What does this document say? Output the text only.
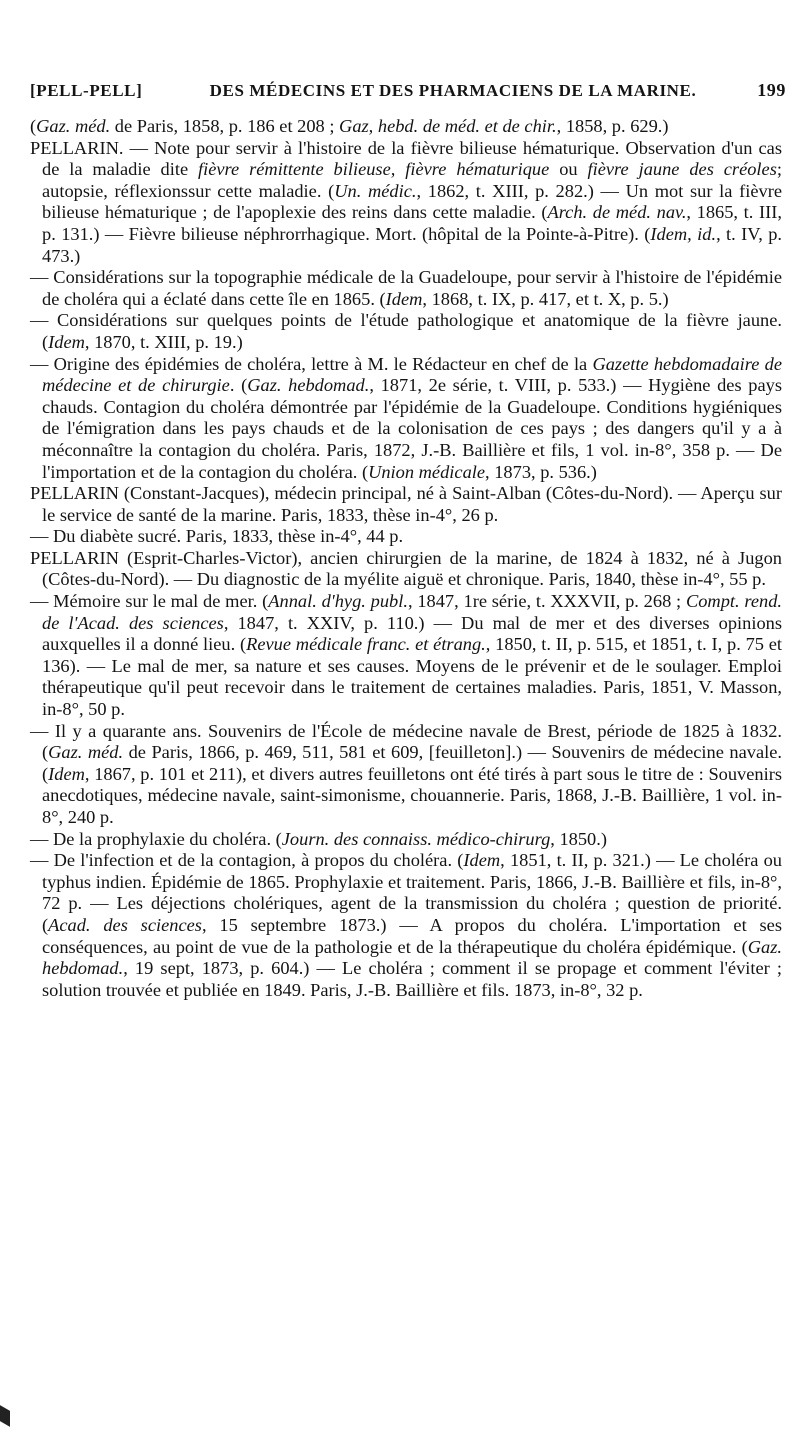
[PELL-PELL]	DES MÉDECINS ET DES PHARMACIENS DE LA MARINE.	199
(Gaz. méd. de Paris, 1858, p. 186 et 208 ; Gaz, hebd. de méd. et de chir., 1858, p. 629.)
PELLARIN. — Note pour servir à l'histoire de la fièvre bilieuse hématurique. Observation d'un cas de la maladie dite fièvre rémittente bilieuse, fièvre hématurique ou fièvre jaune des créoles; autopsie, réflexionssur cette maladie. (Un. médic., 1862, t. XIII, p. 282.) — Un mot sur la fièvre bilieuse hématurique ; de l'apoplexie des reins dans cette maladie. (Arch. de méd. nav., 1865, t. III, p. 131.) — Fièvre bilieuse néphrorrhagique. Mort. (hôpital de la Pointe-à-Pitre). (Idem, id., t. IV, p. 473.)
— Considérations sur la topographie médicale de la Guadeloupe, pour servir à l'histoire de l'épidémie de choléra qui a éclaté dans cette île en 1865. (Idem, 1868, t. IX, p. 417, et t. X, p. 5.)
— Considérations sur quelques points de l'étude pathologique et anatomique de la fièvre jaune. (Idem, 1870, t. XIII, p. 19.)
— Origine des épidémies de choléra, lettre à M. le Rédacteur en chef de la Gazette hebdomadaire de médecine et de chirurgie. (Gaz. hebdomad., 1871, 2e série, t. VIII, p. 533.) — Hygiène des pays chauds. Contagion du choléra démontrée par l'épidémie de la Guadeloupe. Conditions hygiéniques de l'émigration dans les pays chauds et de la colonisation de ces pays ; des dangers qu'il y a à méconnaître la contagion du choléra. Paris, 1872, J.-B. Baillière et fils, 1 vol. in-8°, 358 p. — De l'importation et de la contagion du choléra. (Union médicale, 1873, p. 536.)
PELLARIN (Constant-Jacques), médecin principal, né à Saint-Alban (Côtes-du-Nord). — Aperçu sur le service de santé de la marine. Paris, 1833, thèse in-4°, 26 p.
— Du diabète sucré. Paris, 1833, thèse in-4°, 44 p.
PELLARIN (Esprit-Charles-Victor), ancien chirurgien de la marine, de 1824 à 1832, né à Jugon (Côtes-du-Nord). — Du diagnostic de la myélite aiguë et chronique. Paris, 1840, thèse in-4°, 55 p.
— Mémoire sur le mal de mer. (Annal. d'hyg. publ., 1847, 1re série, t. XXXVII, p. 268 ; Compt. rend. de l'Acad. des sciences, 1847, t. XXIV, p. 110.) — Du mal de mer et des diverses opinions auxquelles il a donné lieu. (Revue médicale franc. et étrang., 1850, t. II, p. 515, et 1851, t. I, p. 75 et 136). — Le mal de mer, sa nature et ses causes. Moyens de le prévenir et de le soulager. Emploi thérapeutique qu'il peut recevoir dans le traitement de certaines maladies. Paris, 1851, V. Masson, in-8°, 50 p.
— Il y a quarante ans. Souvenirs de l'École de médecine navale de Brest, période de 1825 à 1832. (Gaz. méd. de Paris, 1866, p. 469, 511, 581 et 609, [feuilleton].) — Souvenirs de médecine navale. (Idem, 1867, p. 101 et 211), et divers autres feuilletons ont été tirés à part sous le titre de : Souvenirs anecdotiques, médecine navale, saint-simonisme, chouannerie. Paris, 1868, J.-B. Baillière, 1 vol. in-8°, 240 p.
— De la prophylaxie du choléra. (Journ. des connaiss. médico-chirurg, 1850.)
— De l'infection et de la contagion, à propos du choléra. (Idem, 1851, t. II, p. 321.) — Le choléra ou typhus indien. Épidémie de 1865. Prophylaxie et traitement. Paris, 1866, J.-B. Baillière et fils, in-8°, 72 p. — Les déjections cholériques, agent de la transmission du choléra ; question de priorité. (Acad. des sciences, 15 septembre 1873.) — A propos du choléra. L'importation et ses conséquences, au point de vue de la pathologie et de la thérapeutique du choléra épidémique. (Gaz. hebdomad., 19 sept, 1873, p. 604.) — Le choléra ; comment il se propage et comment l'éviter ; solution trouvée et publiée en 1849. Paris, J.-B. Baillière et fils. 1873, in-8°, 32 p.
